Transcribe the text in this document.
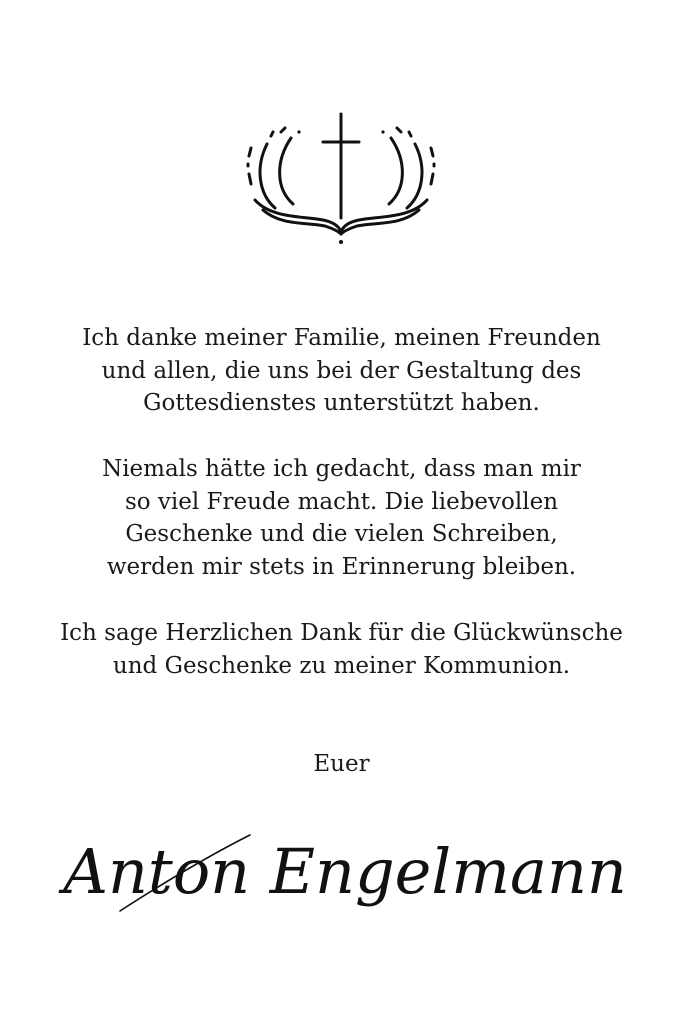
Ich danke meiner Familie, meinen Freunden
und allen, die uns bei der Gestaltung des
Gottesdienstes unterstützt haben.
Niemals hätte ich gedacht, dass man mir
so viel Freude macht. Die liebevollen
Geschenke und die vielen Schreiben,
werden mir stets in Erinnerung bleiben.
Ich sage Herzlichen Dank für die Glückwünsche
und Geschenke zu meiner Kommunion.
Euer
Anton Engelmann
